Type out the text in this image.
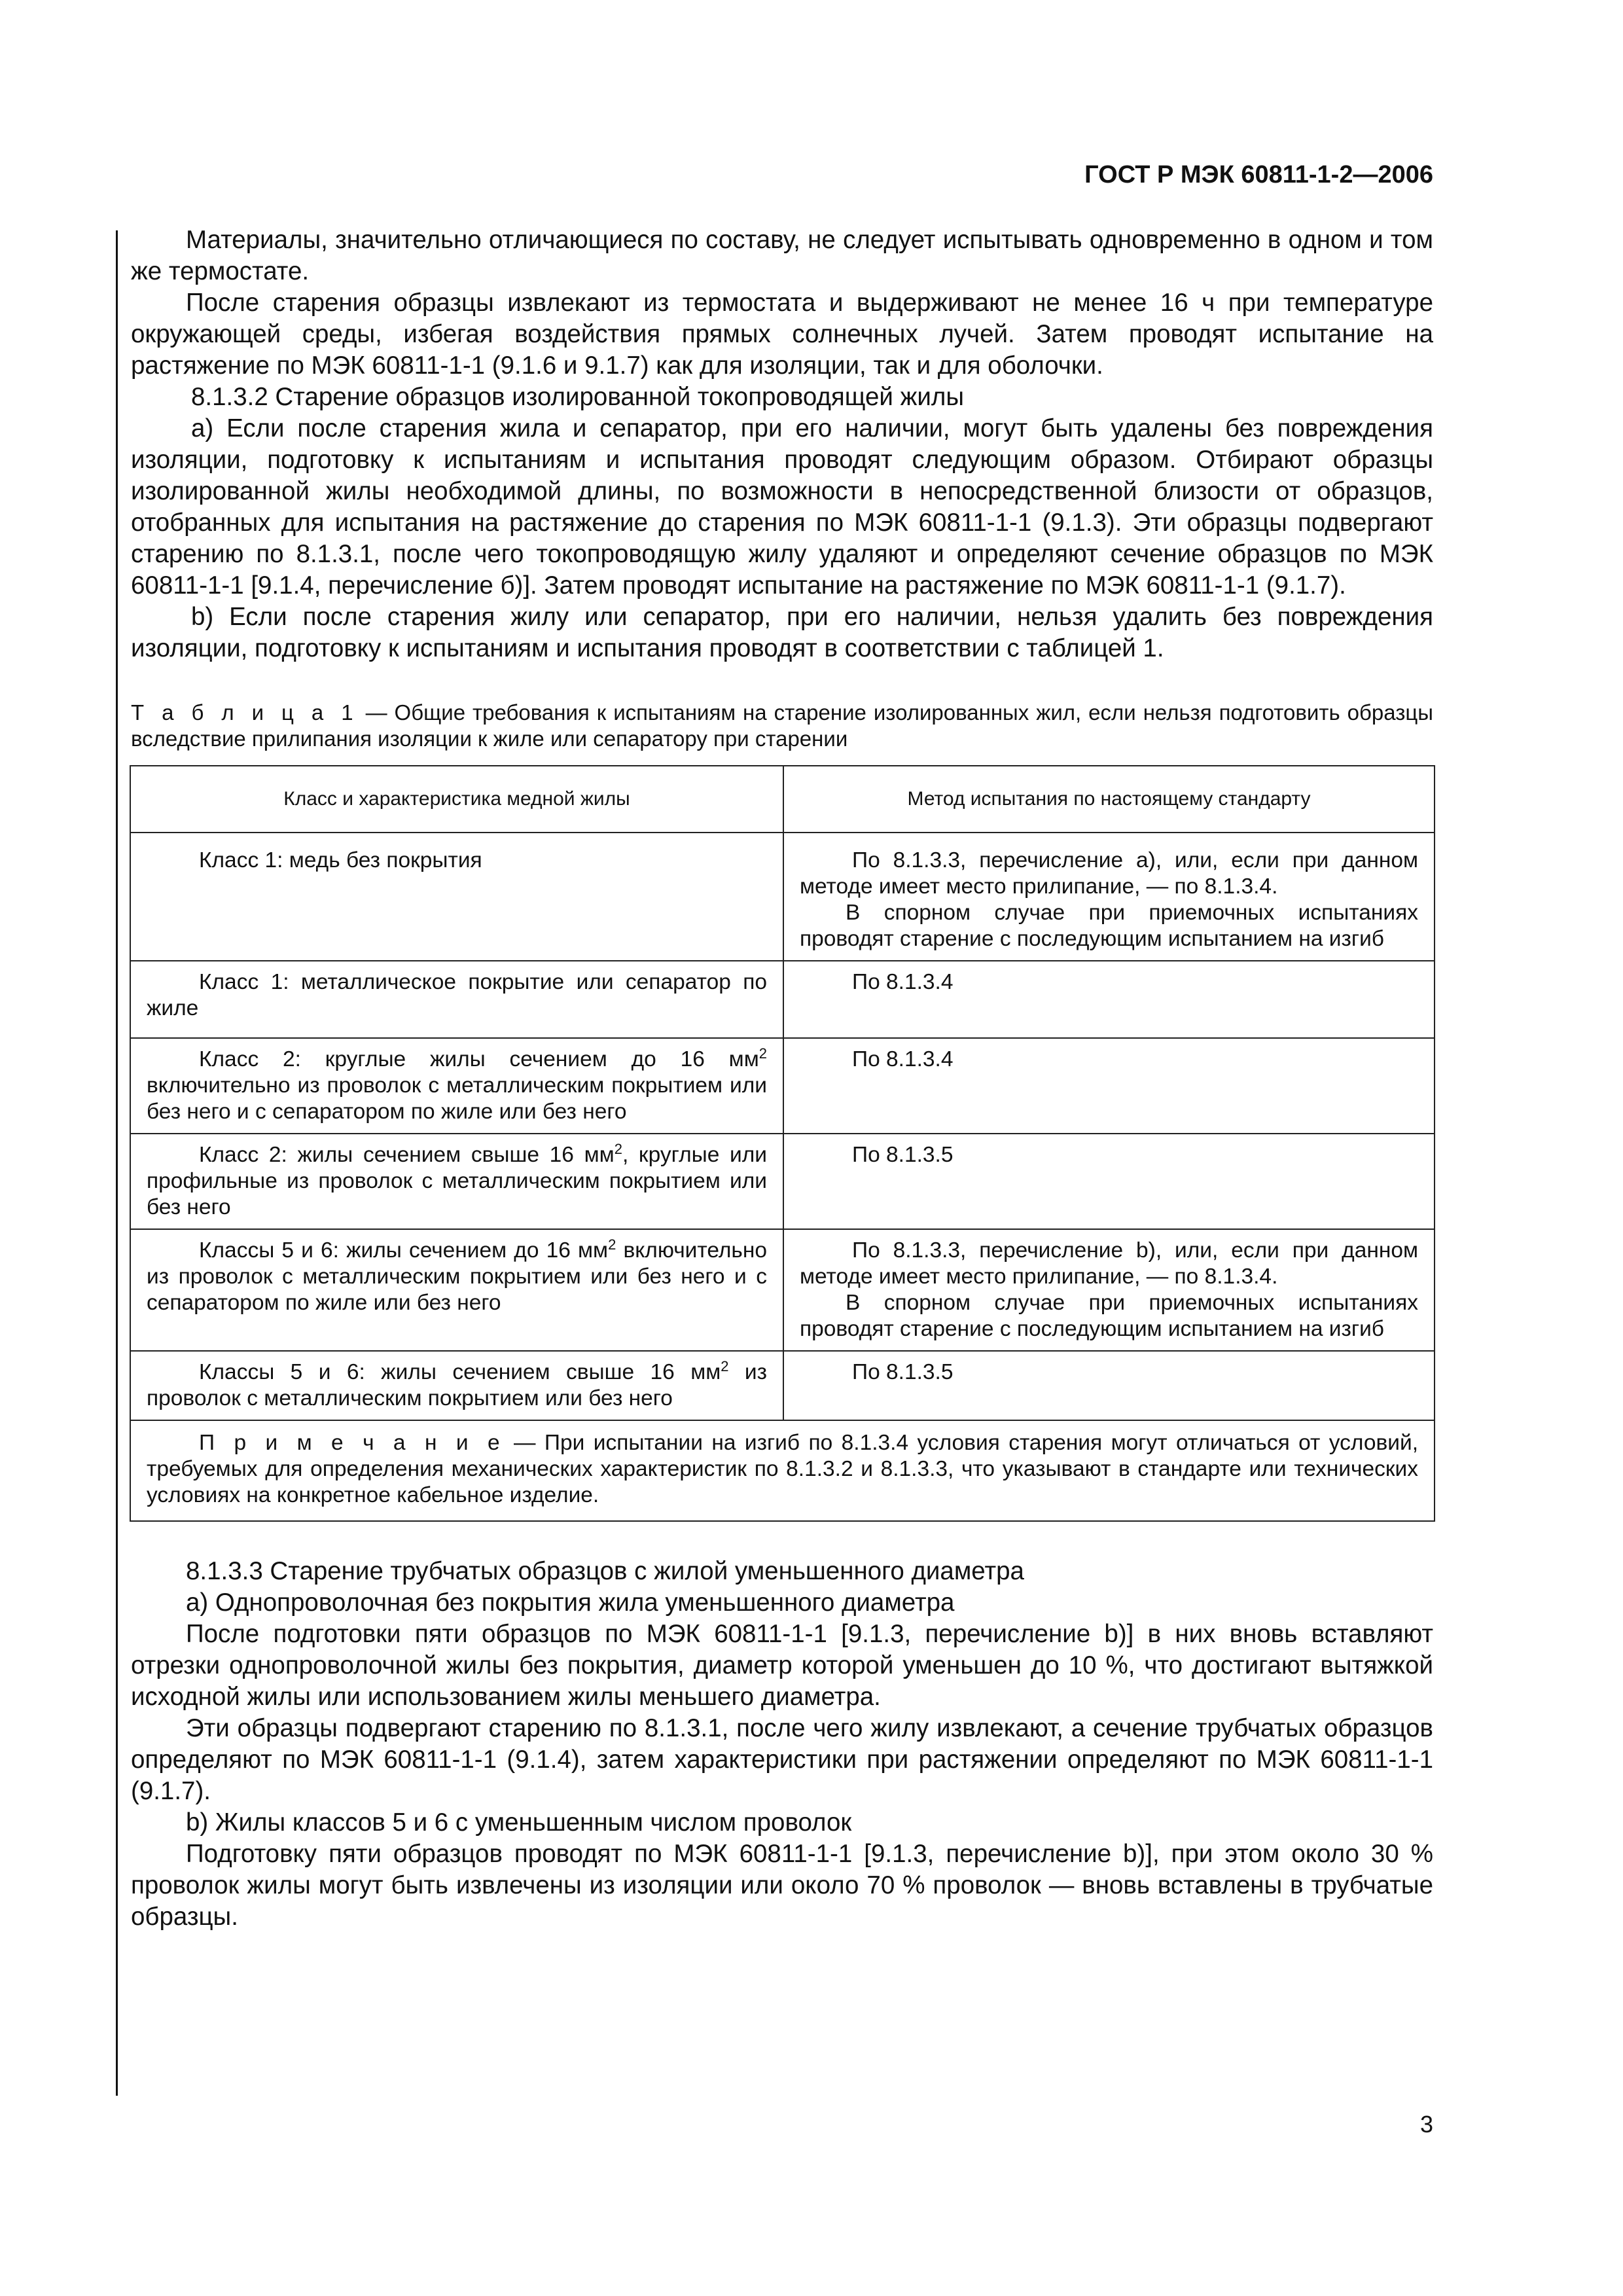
ГОСТ Р МЭК 60811-1-2—2006

Материалы, значительно отличающиеся по составу, не следует испытывать одновременно в одном и том же термостате.

После старения образцы извлекают из термостата и выдерживают не менее 16 ч при температуре окружающей среды, избегая воздействия прямых солнечных лучей. Затем проводят испытание на растяжение по МЭК 60811-1-1 (9.1.6 и 9.1.7) как для изоляции, так и для оболочки.

8.1.3.2 Старение образцов изолированной токопроводящей жилы

а) Если после старения жила и сепаратор, при его наличии, могут быть удалены без повреждения изоляции, подготовку к испытаниям и испытания проводят следующим образом. Отбирают образцы изолированной жилы необходимой длины, по возможности в непосредственной близости от образцов, отобранных для испытания на растяжение до старения по МЭК 60811-1-1 (9.1.3). Эти образцы подвергают старению по 8.1.3.1, после чего токопроводящую жилу удаляют и определяют сечение образцов по МЭК 60811-1-1 [9.1.4, перечисление б)]. Затем проводят испытание на растяжение по МЭК 60811-1-1 (9.1.7).

b) Если после старения жилу или сепаратор, при его наличии, нельзя удалить без повреждения изоляции, подготовку к испытаниям и испытания проводят в соответствии с таблицей 1.

Т а б л и ц а 1 — Общие требования к испытаниям на старение изолированных жил, если нельзя подготовить образцы вследствие прилипания изоляции к жиле или сепаратору при старении
Класс и характеристика медной жилы	Метод испытания по настоящему стандарту

Класс 1: медь без покрытия	По 8.1.3.3, перечисление а), или, если при данном методе имеет место прилипание, — по 8.1.3.4.
В спорном случае при приемочных испытаниях проводят старение с последующим испытанием на изгиб

Класс 1: металлическое покрытие или сепаратор по жиле	По 8.1.3.4

Класс 2: круглые жилы сечением до 16 $мм^2$ включительно из проволок с металлическим покрытием или без него и с сепаратором по жиле или без него	По 8.1.3.4

Класс 2: жилы сечением свыше 16 $мм^2$, круглые или профильные из проволок с металлическим покрытием или без него	По 8.1.3.5

Классы 5 и 6: жилы сечением до 16 $мм^2$ включительно из проволок с металлическим покрытием или без него и с сепаратором по жиле или без него	По 8.1.3.3, перечисление b), или, если при данном методе имеет место прилипание, — по 8.1.3.4.
В спорном случае при приемочных испытаниях проводят старение с последующим испытанием на изгиб

Классы 5 и 6: жилы сечением свыше 16 $мм^2$ из проволок с металлическим покрытием или без него	По 8.1.3.5

П р и м е ч а н и е — При испытании на изгиб по 8.1.3.4 условия старения могут отличаться от условий, требуемых для определения механических характеристик по 8.1.3.2 и 8.1.3.3, что указывают в стандарте или технических условиях на конкретное кабельное изделие.	

8.1.3.3 Старение трубчатых образцов с жилой уменьшенного диаметра

а) Однопроволочная без покрытия жила уменьшенного диаметра

После подготовки пяти образцов по МЭК 60811-1-1 [9.1.3, перечисление b)] в них вновь вставляют отрезки однопроволочной жилы без покрытия, диаметр которой уменьшен до 10 %, что достигают вытяжкой исходной жилы или использованием жилы меньшего диаметра.

Эти образцы подвергают старению по 8.1.3.1, после чего жилу извлекают, а сечение трубчатых образцов определяют по МЭК 60811-1-1 (9.1.4), затем характеристики при растяжении определяют по МЭК 60811-1-1 (9.1.7).

b) Жилы классов 5 и 6 с уменьшенным числом проволок

Подготовку пяти образцов проводят по МЭК 60811-1-1 [9.1.3, перечисление b)], при этом около 30 % проволок жилы могут быть извлечены из изоляции или около 70 % проволок — вновь вставлены в трубчатые образцы.

3
